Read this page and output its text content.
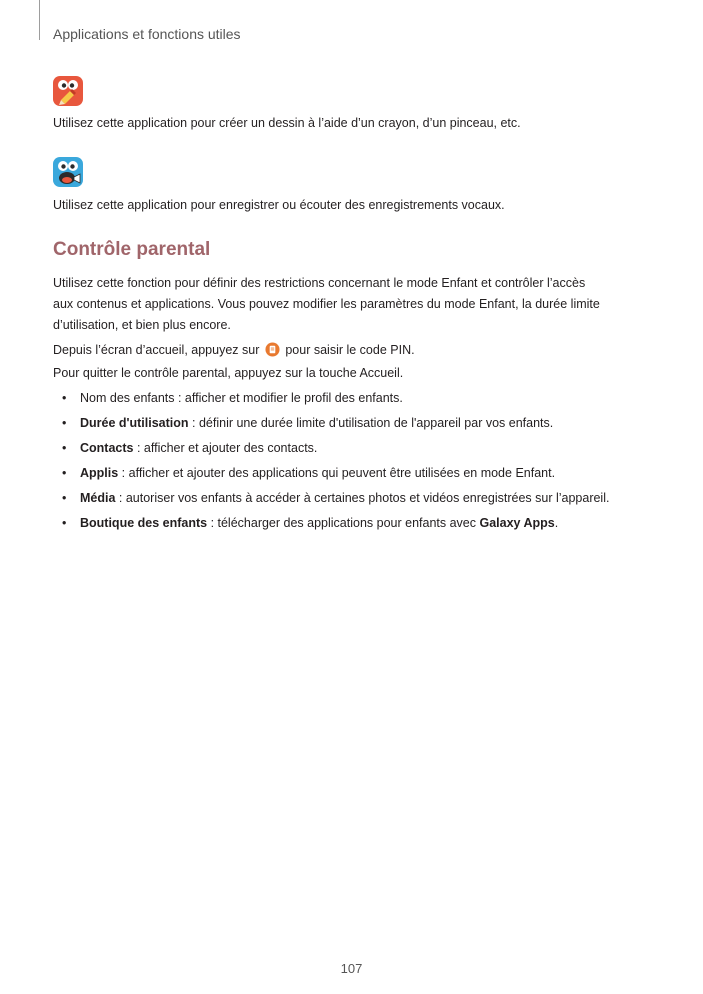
Applications et fonctions utiles
Utilisez cette application pour créer un dessin à l’aide d’un crayon, d’un pinceau, etc.
Utilisez cette application pour enregistrer ou écouter des enregistrements vocaux.
Contrôle parental
Utilisez cette fonction pour définir des restrictions concernant le mode Enfant et contrôler l’accès
aux contenus et applications. Vous pouvez modifier les paramètres du mode Enfant, la durée limite
d’utilisation, et bien plus encore.
Depuis l’écran d’accueil, appuyez sur pour saisir le code PIN.
Pour quitter le contrôle parental, appuyez sur la touche Accueil.
• Nom des enfants : afficher et modifier le profil des enfants.
• Durée d'utilisation : définir une durée limite d'utilisation de l'appareil par vos enfants.
• Contacts : afficher et ajouter des contacts.
• Applis : afficher et ajouter des applications qui peuvent être utilisées en mode Enfant.
• Média : autoriser vos enfants à accéder à certaines photos et vidéos enregistrées sur l’appareil.
• Boutique des enfants : télécharger des applications pour enfants avec Galaxy Apps.
107
